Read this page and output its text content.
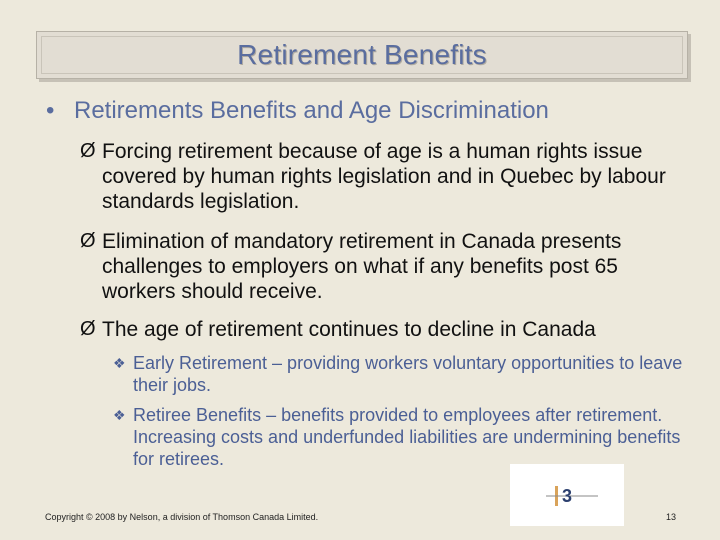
Retirement Benefits
• Retirements Benefits and Age Discrimination
Ø Forcing retirement because of age is a human rights issue covered by human rights legislation and in Quebec by labour standards legislation.
Ø Elimination of mandatory retirement in Canada presents challenges to employers on what if any benefits post 65 workers should receive.
Ø The age of retirement continues to decline in Canada
❖ Early Retirement – providing workers voluntary opportunities to leave their jobs.
❖ Retiree Benefits – benefits provided to employees after retirement. Increasing costs and underfunded liabilities are undermining benefits for retirees.
3
Copyright © 2008 by Nelson, a division of Thomson Canada Limited.	13
